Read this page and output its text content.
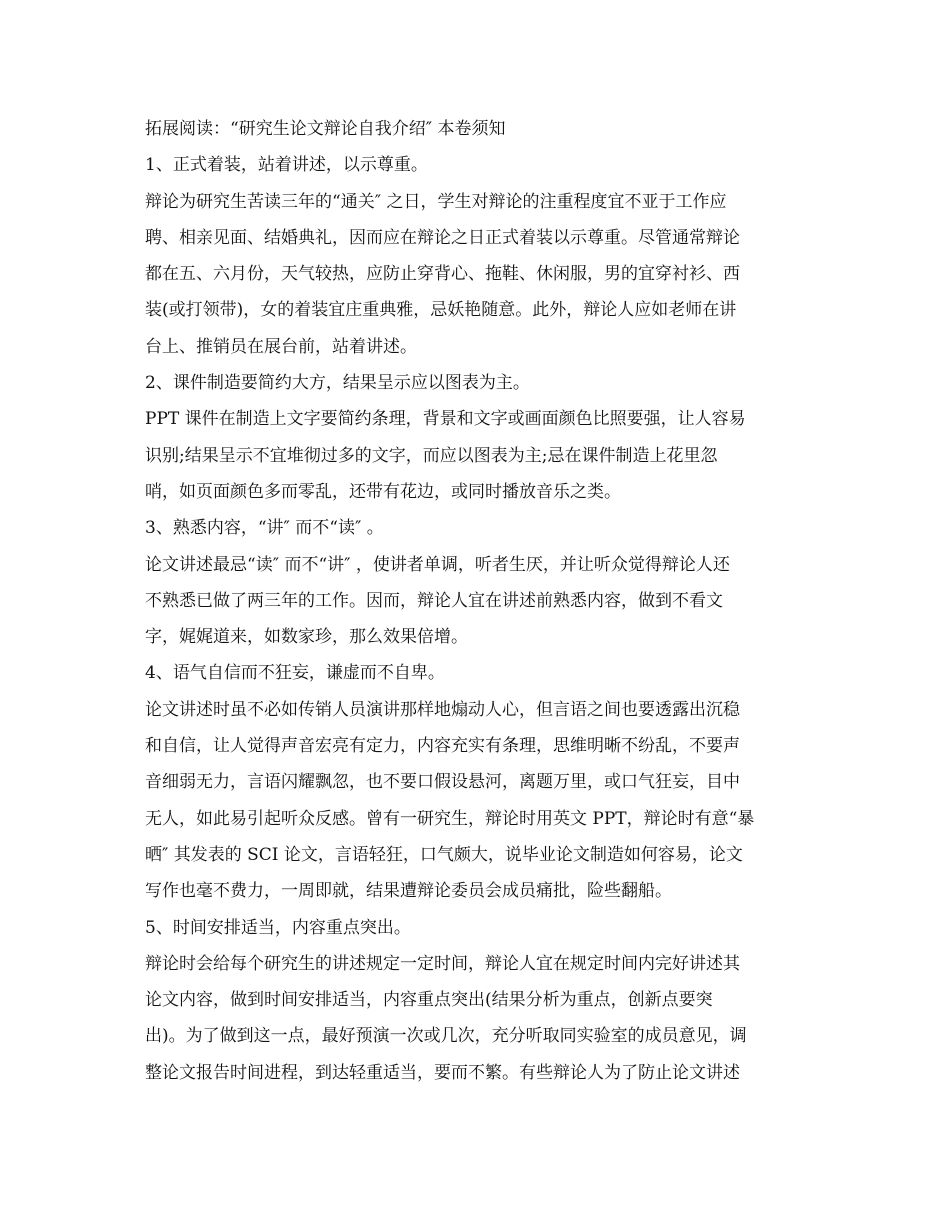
拓展阅读：“研究生论文辩论自我介绍″ 本卷须知
1、正式着装，站着讲述，以示尊重。
辩论为研究生苦读三年的“通关″ 之日，学生对辩论的注重程度宜不亚于工作应
聘、相亲见面、结婚典礼，因而应在辩论之日正式着装以示尊重。尽管通常辩论
都在五、六月份，天气较热，应防止穿背心、拖鞋、休闲服，男的宜穿衬衫、西
装(或打领带)，女的着装宜庄重典雅，忌妖艳随意。此外，辩论人应如老师在讲
台上、推销员在展台前，站着讲述。
2、课件制造要简约大方，结果呈示应以图表为主。
PPT 课件在制造上文字要简约条理，背景和文字或画面颜色比照要强，让人容易
识别;结果呈示不宜堆彻过多的文字，而应以图表为主;忌在课件制造上花里忽
哨，如页面颜色多而零乱，还带有花边，或同时播放音乐之类。
3、熟悉内容，“讲″ 而不“读″ 。
论文讲述最忌“读″ 而不“讲″ ，使讲者单调，听者生厌，并让听众觉得辩论人还
不熟悉已做了两三年的工作。因而，辩论人宜在讲述前熟悉内容，做到不看文
字，娓娓道来，如数家珍，那么效果倍增。
4、语气自信而不狂妄，谦虚而不自卑。
论文讲述时虽不必如传销人员演讲那样地煽动人心，但言语之间也要透露出沉稳
和自信，让人觉得声音宏亮有定力，内容充实有条理，思维明晰不纷乱，不要声
音细弱无力，言语闪耀飘忽，也不要口假设悬河，离题万里，或口气狂妄，目中
无人，如此易引起听众反感。曾有一研究生，辩论时用英文 PPT，辩论时有意“暴
晒″ 其发表的 SCI 论文，言语轻狂，口气颇大，说毕业论文制造如何容易，论文
写作也毫不费力，一周即就，结果遭辩论委员会成员痛批，险些翻船。
5、时间安排适当，内容重点突出。
辩论时会给每个研究生的讲述规定一定时间，辩论人宜在规定时间内完好讲述其
论文内容，做到时间安排适当，内容重点突出(结果分析为重点，创新点要突
出)。为了做到这一点，最好预演一次或几次，充分听取同实验室的成员意见，调
整论文报告时间进程，到达轻重适当，要而不繁。有些辩论人为了防止论文讲述
